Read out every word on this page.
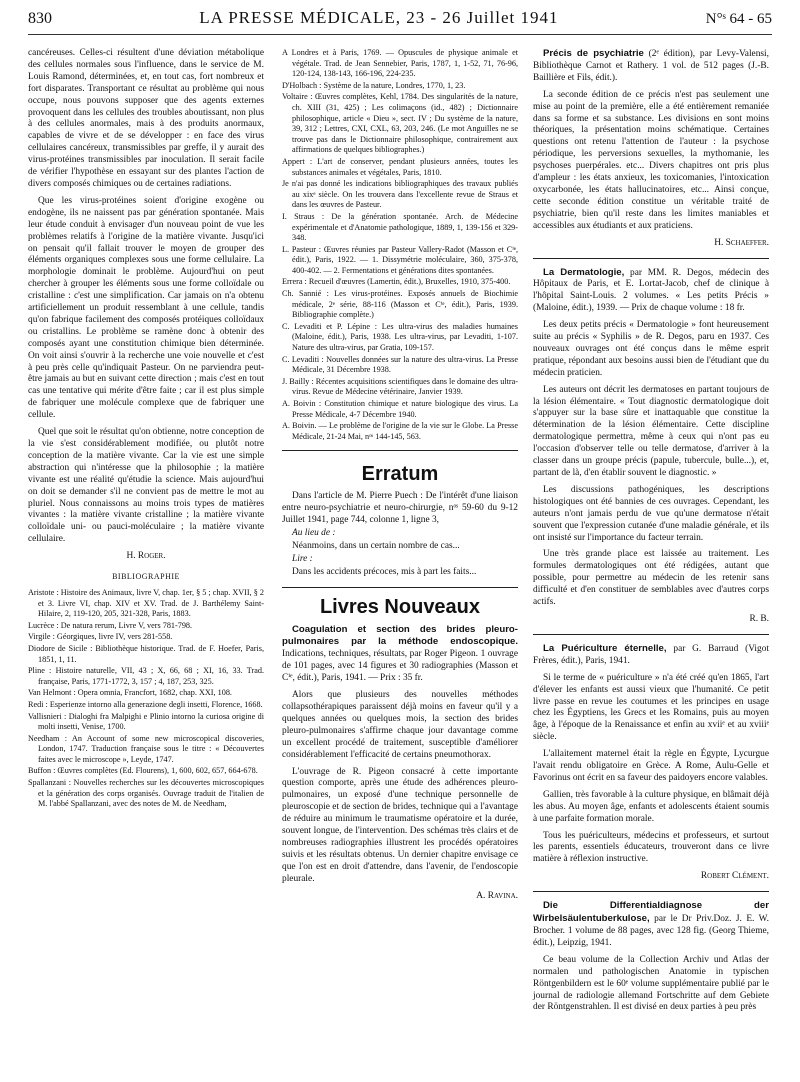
830	LA PRESSE MÉDICALE, 23 - 26 Juillet 1941	N°ˢ 64 - 65

cancéreuses. Celles-ci résultent d'une déviation métabolique des cellules normales sous l'influence, dans le service de M. Louis Ramond, déterminées, et, en tout cas, fort nombreux et fort disparates. Transportant ce résultat au problème qui nous occupe, nous pouvons supposer que des agents externes provoquent dans les cellules des troubles aboutissant, non plus à des cellules anormales, mais à des produits anormaux, capables de vivre et de se développer : en face des virus cellulaires cancéreux, transmissibles par greffe, il y aurait des virus-protéines transmissibles par inoculation. Il serait facile de vérifier l'hypothèse en essayant sur des plantes l'action de divers composés chimiques ou de certaines radiations.

Que les virus-protéines soient d'origine exogène ou endogène, ils ne naissent pas par génération spontanée. Mais leur étude conduit à envisager d'un nouveau point de vue les problèmes relatifs à l'origine de la matière vivante. Jusqu'ici on pensait qu'il fallait trouver le moyen de grouper des éléments organiques complexes sous une forme cellulaire. La morphologie dominait le problème. Aujourd'hui on peut chercher à grouper les éléments sous une forme colloïdale ou cristalline : c'est une simplification. Car jamais on n'a obtenu artificiellement un produit ressemblant à une cellule, tandis qu'on fabrique facilement des composés protéiques colloïdaux ou cristallins. Le problème se ramène donc à obtenir des composés ayant une constitution chimique bien déterminée. On voit ainsi s'ouvrir à la recherche une voie nouvelle et c'est à peu près celle qu'indiquait Pasteur. On ne parviendra peut-être jamais au but en suivant cette direction ; mais c'est en tout cas une tentative qui mérite d'être faite ; car il est plus simple de fabriquer une molécule complexe que de fabriquer une cellule.

Quel que soit le résultat qu'on obtienne, notre conception de la vie s'est considérablement modifiée, ou plutôt notre conception de la matière vivante. Car la vie est une simple abstraction qui n'intéresse que la philosophie ; la matière vivante est une réalité qu'étudie la science. Mais aujourd'hui on doit se demander s'il ne convient pas de mettre le mot au pluriel. Nous connaissons au moins trois types de matières vivantes : la matière vivante cristalline ; la matière vivante colloïdale uni- ou pauci-moléculaire ; la matière vivante cellulaire.

H. Roger.
BIBLIOGRAPHIE
Aristote : Histoire des Animaux, livre V, chap. 1er, § 5 ; chap. XVII, § 2 et 3. Livre VI, chap. XIV et XV. Trad. de J. Barthélemy Saint-Hilaire, 2, 119-120, 205, 321-328, Paris, 1883.
Lucrèce : De natura rerum, Livre V, vers 781-798.
Virgile : Géorgiques, livre IV, vers 281-558.
Diodore de Sicile : Bibliothèque historique. Trad. de F. Hoefer, Paris, 1851, 1, 11.
Pline : Histoire naturelle, VII, 43 ; X, 66, 68 ; XI, 16, 33. Trad. française, Paris, 1771-1772, 3, 157 ; 4, 187, 253, 325.
Van Helmont : Opera omnia, Francfort, 1682, chap. XXI, 108.
Redi : Esperienze intorno alla generazione degli insetti, Florence, 1668.
Vallisnieri : Dialoghi fra Malpighi e Plinio intorno la curiosa origine di molti insetti, Venise, 1700.
Needham : An Account of some new microscopical discoveries, London, 1747. Traduction française sous le titre : « Découvertes faites avec le microscope », Leyde, 1747.
Buffon : Œuvres complètes (Ed. Flourens), 1, 600, 602, 657, 664-678.
Spallanzani : Nouvelles recherches sur les découvertes microscopiques et la génération des corps organisés. Ouvrage traduit de l'italien de M. l'abbé Spallanzani, avec des notes de M. de Needham,
A Londres et à Paris, 1769. — Opuscules de physique animale et végétale. Trad. de Jean Sennebier, Paris, 1787, 1, 1-52, 71, 76-96, 120-124, 138-143, 166-196, 224-235.
D'Holbach : Système de la nature, Londres, 1770, 1, 23.
Voltaire : Œuvres complètes, Kehl, 1784. Des singularités de la nature, ch. XIII (31, 425) ; Les colimaçons (id., 482) ; Dictionnaire philosophique, article « Dieu », sect. IV ; Du système de la nature, 39, 312 ; Lettres, CXI, CXL, 63, 203, 246. (Le mot Anguilles ne se trouve pas dans le Dictionnaire philosophique, contrairement aux affirmations de quelques bibliographes.)
Appert : L'art de conserver, pendant plusieurs années, toutes les substances animales et végétales, Paris, 1810.
Je n'ai pas donné les indications bibliographiques des travaux publiés au xixᵉ siècle. On les trouvera dans l'excellente revue de Straus et dans les œuvres de Pasteur.
I. Straus : De la génération spontanée. Arch. de Médecine expérimentale et d'Anatomie pathologique, 1889, 1, 139-156 et 329-348.
L. Pasteur : Œuvres réunies par Pasteur Vallery-Radot (Masson et Cⁱᵉ, édit.), Paris, 1922. — 1. Dissymétrie moléculaire, 360, 375-378, 400-402. — 2. Fermentations et générations dites spontanées.
Errera : Recueil d'œuvres (Lamertin, édit.), Bruxelles, 1910, 375-400.
Ch. Sannié : Les virus-protéines. Exposés annuels de Biochimie médicale, 2ᵉ série, 88-116 (Masson et Cⁱᵉ, édit.), Paris, 1939. Bibliographie complète.)
C. Levaditi et P. Lépine : Les ultra-virus des maladies humaines (Maloine, édit.), Paris, 1938. Les ultra-virus, par Levaditi, 1-107. Nature des ultra-virus, par Gratia, 109-157.
C. Levaditi : Nouvelles données sur la nature des ultra-virus. La Presse Médicale, 31 Décembre 1938.
J. Bailly : Récentes acquisitions scientifiques dans le domaine des ultra-virus. Revue de Médecine vétérinaire, Janvier 1939.
A. Boivin : Constitution chimique et nature biologique des virus. La Presse Médicale, 4-7 Décembre 1940.
A. Boivin. — Le problème de l'origine de la vie sur le Globe. La Presse Médicale, 21-24 Mai, nᵒˢ 144-145, 563.
Erratum
Dans l'article de M. Pierre Puech : De l'intérêt d'une liaison entre neuro-psychiatrie et neuro-chirurgie, nᵒˢ 59-60 du 9-12 Juillet 1941, page 744, colonne 1, ligne 3,
Au lieu de :
Néanmoins, dans un certain nombre de cas...
Lire :
Dans les accidents précoces, mis à part les faits...
Livres Nouveaux

Coagulation et section des brides pleuro-pulmonaires par la méthode endoscopique. Indications, techniques, résultats, par Roger Pigeon. 1 ouvrage de 101 pages, avec 14 figures et 30 radiographies (Masson et Cⁱᵉ, édit.), Paris, 1941. — Prix : 35 fr.

Alors que plusieurs des nouvelles méthodes collapsothérapiques paraissent déjà moins en faveur qu'il y a quelques années ou quelques mois, la section des brides pleuro-pulmonaires s'affirme chaque jour davantage comme un excellent procédé de traitement, susceptible d'améliorer considérablement l'efficacité de certains pneumothorax.

L'ouvrage de R. Pigeon consacré à cette importante question comporte, après une étude des adhérences pleuro-pulmonaires, un exposé d'une technique personnelle de pleuroscopie et de section de brides, technique qui a l'avantage de réduire au minimum le traumatisme opératoire et la durée, souvent longue, de l'intervention. Des schémas très clairs et de nombreuses radiographies illustrent les procédés opératoires suivis et les résultats obtenus. Un dernier chapitre envisage ce que l'on est en droit d'attendre, dans l'avenir, de l'endoscopie pleurale.

A. Ravina.

Précis de psychiatrie (2ᵉ édition), par Levy-Valensi, Bibliothèque Carnot et Rathery. 1 vol. de 512 pages (J.-B. Baillière et Fils, édit.).

La seconde édition de ce précis n'est pas seulement une mise au point de la première, elle a été entièrement remaniée dans sa forme et sa substance. Les divisions en sont moins théoriques, la présentation moins schématique. Certaines questions ont retenu l'attention de l'auteur : la psychose périodique, les perversions sexuelles, la mythomanie, les psychoses puerpérales. etc... Divers chapitres ont pris plus d'ampleur : les états anxieux, les toxicomanies, l'intoxication oxycarbonée, les états hallucinatoires, etc... Ainsi conçue, cette seconde édition constitue un véritable traité de psychiatrie, bien qu'il reste dans les limites maniables et accessibles aux étudiants et aux praticiens.

H. Schaeffer.

La Dermatologie, par MM. R. Degos, médecin des Hôpitaux de Paris, et E. Lortat-Jacob, chef de clinique à l'hôpital Saint-Louis. 2 volumes. « Les petits Précis » (Maloine, édit.), 1939. — Prix de chaque volume : 18 fr.

Les deux petits précis « Dermatologie » font heureusement suite au précis « Syphilis » de R. Degos, paru en 1937. Ces nouveaux ouvrages ont été conçus dans le même esprit pratique, répondant aux besoins aussi bien de l'étudiant que du médecin praticien.

Les auteurs ont décrit les dermatoses en partant toujours de la lésion élémentaire. « Tout diagnostic dermatologique doit s'appuyer sur la base sûre et inattaquable que constitue la détermination de la lésion élémentaire. Cette discipline dermatologique permettra, même à ceux qui n'ont pas eu l'occasion d'observer telle ou telle dermatose, d'arriver à la classer dans un groupe précis (papule, tubercule, bulle...), et, partant de là, d'en établir souvent le diagnostic. »

Les discussions pathogéniques, les descriptions histologiques ont été bannies de ces ouvrages. Cependant, les auteurs n'ont jamais perdu de vue qu'une dermatose n'était souvent que l'expression cutanée d'une maladie générale, et ils ont insisté sur l'importance du facteur terrain.

Une très grande place est laissée au traitement. Les formules dermatologiques ont été rédigées, autant que possible, pour permettre au médecin de les retenir sans difficulté et d'en constituer de semblables avec d'autres corps actifs.

R. B.

La Puériculture éternelle, par G. Barraud (Vigot Frères, édit.), Paris, 1941.

Si le terme de « puériculture » n'a été créé qu'en 1865, l'art d'élever les enfants est aussi vieux que l'humanité. Ce petit livre passe en revue les coutumes et les principes en usage chez les Égyptiens, les Grecs et les Romains, puis au moyen âge, à l'époque de la Renaissance et enfin au xviiᵉ et au xviiiᵉ siècle.

L'allaitement maternel était la règle en Égypte, Lycurgue l'avait rendu obligatoire en Grèce. A Rome, Aulu-Gelle et Favorinus ont écrit en sa faveur des paidoyers encore valables.

Gallien, très favorable à la culture physique, en blâmait déjà les abus. Au moyen âge, enfants et adolescents étaient soumis à une parfaite formation morale.

Tous les puériculteurs, médecins et professeurs, et surtout les parents, essentiels éducateurs, trouveront dans ce livre matière à réflexion instructive.

Robert Clément.

Die Differentialdiagnose der Wirbelsäulentuberkulose, par le Dr Priv.Doz. J. E. W. Brocher. 1 volume de 88 pages, avec 128 fig. (Georg Thieme, édit.), Leipzig, 1941.

Ce beau volume de la Collection Archiv und Atlas der normalen und pathologischen Anatomie in typischen Röntgenbildern est le 60ᵉ volume supplémentaire publié par le journal de radiologie allemand Fortschritte auf dem Gebiete der Röntgenstrahlen. Il est divisé en deux parties à peu près
